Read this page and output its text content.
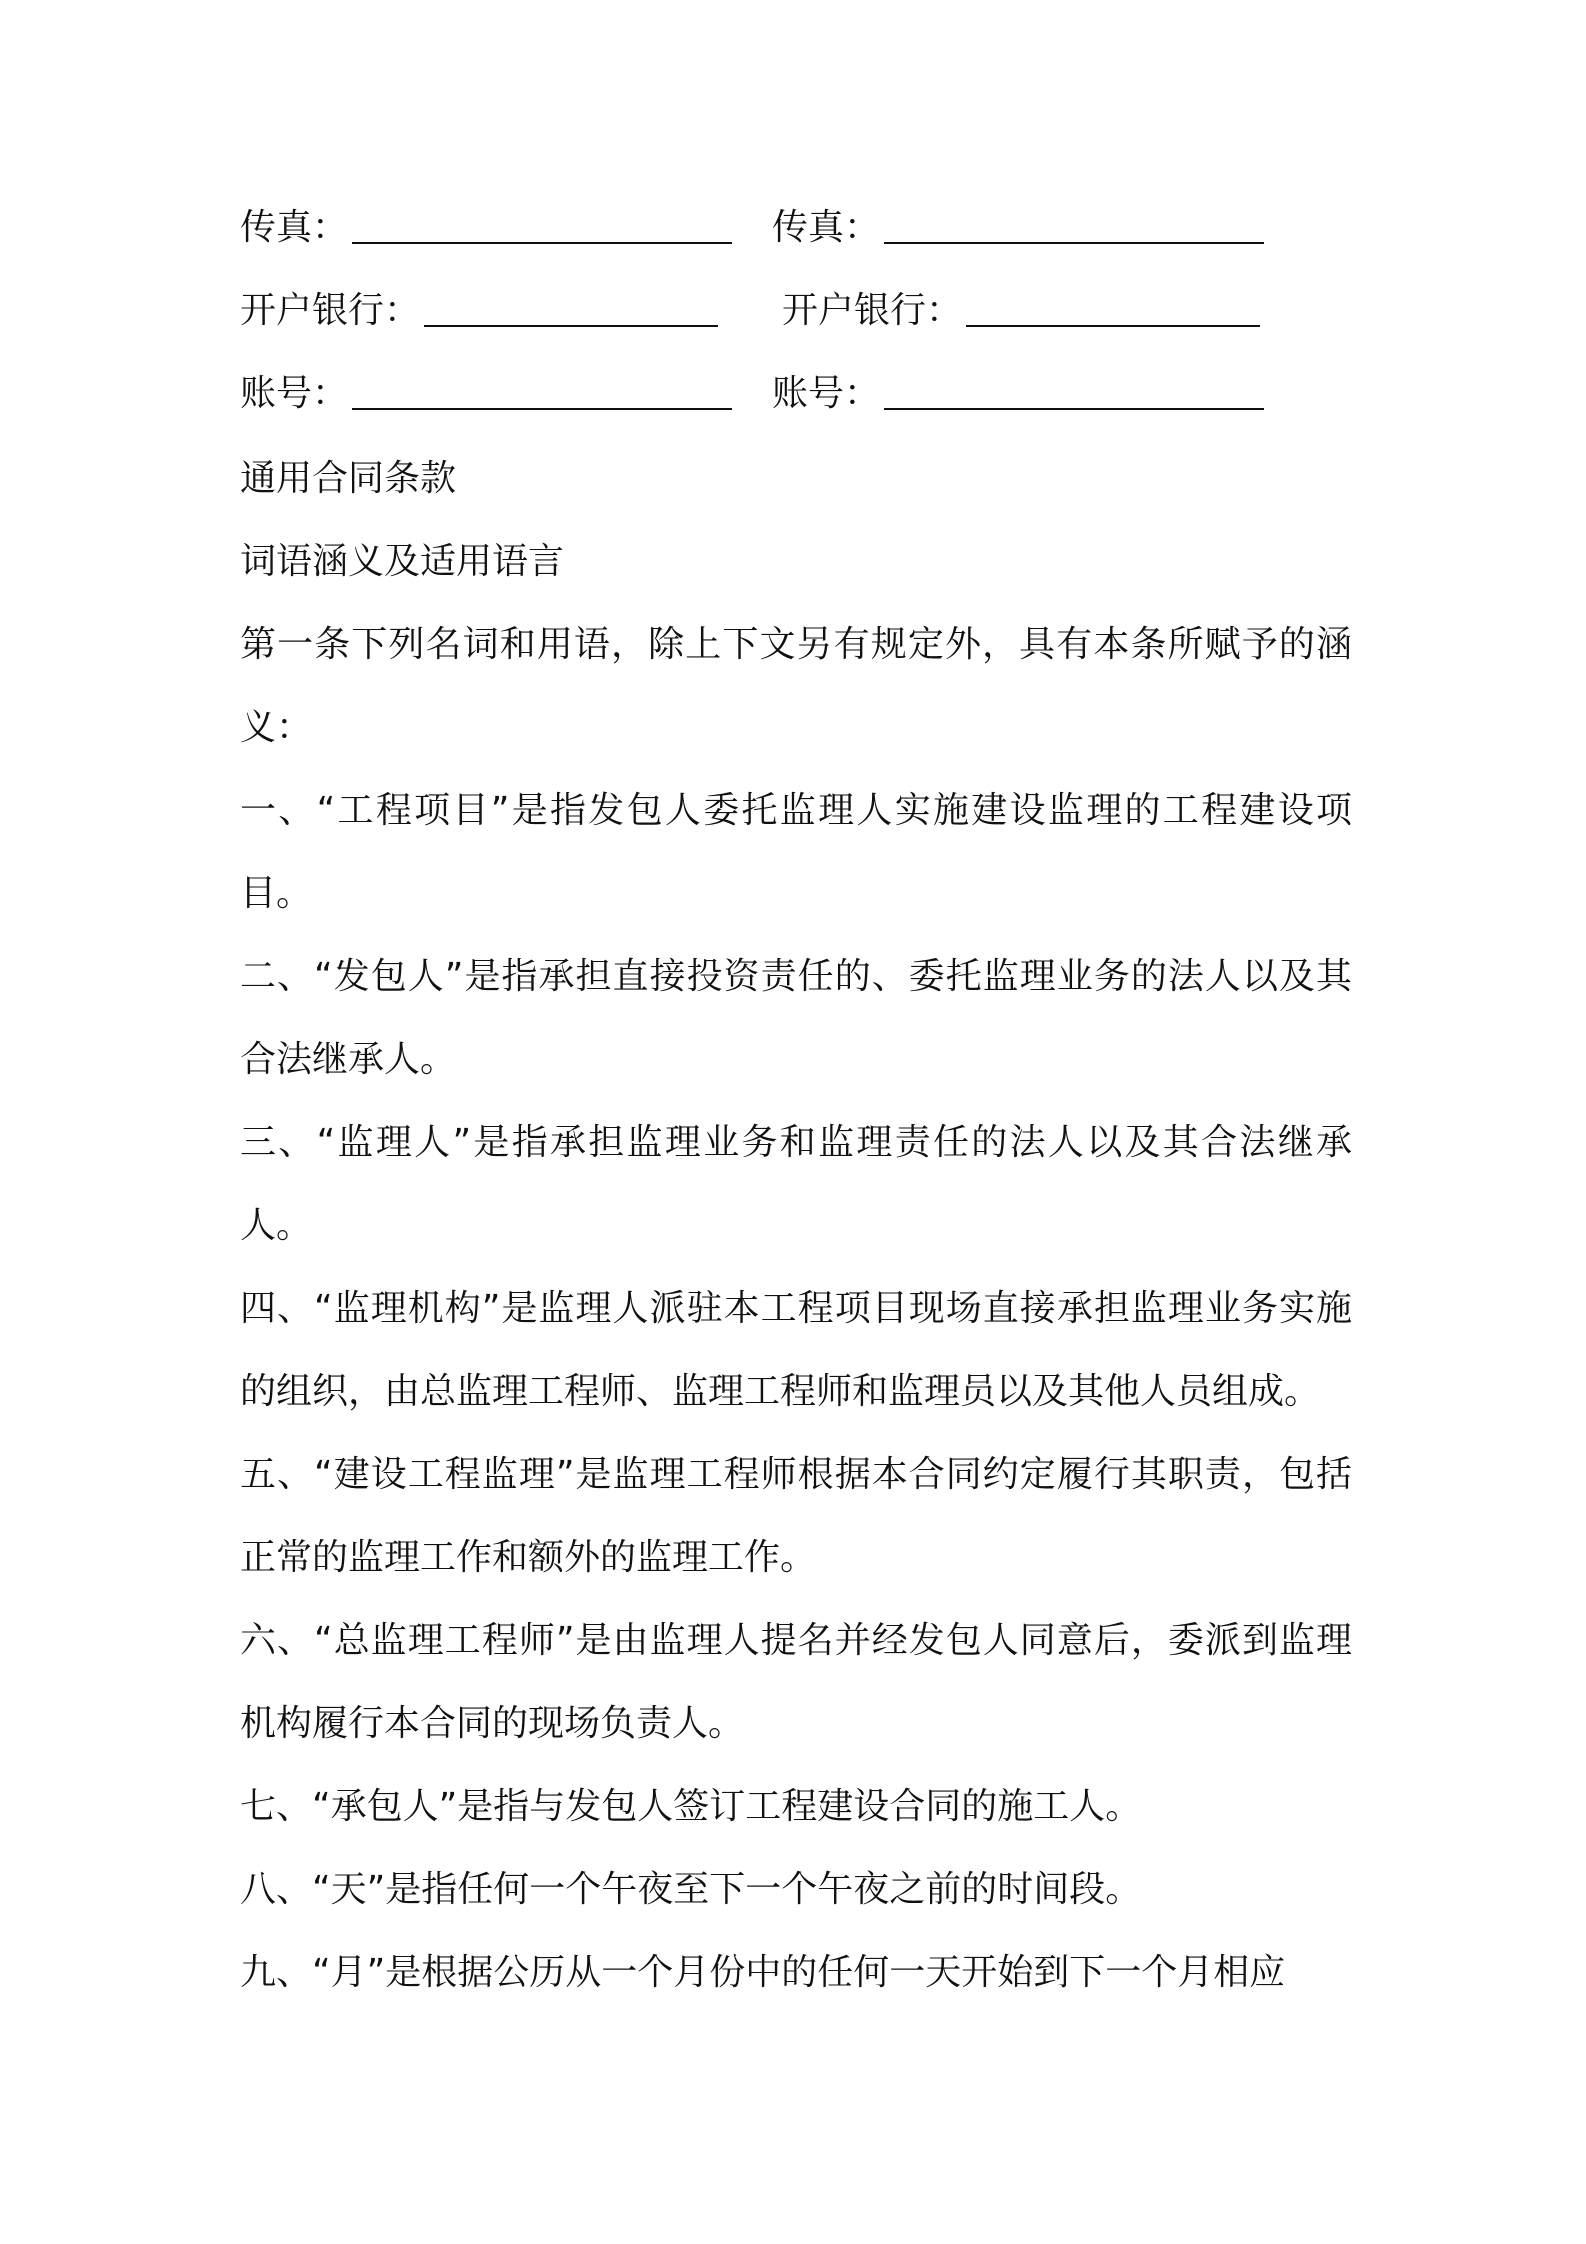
传真：	传真：
开户银行：	开户银行：
账号：	账号：

通用合同条款

词语涵义及适用语言

第一条下列名词和用语，除上下文另有规定外，具有本条所赋予的涵义：

一、“工程项目”是指发包人委托监理人实施建设监理的工程建设项目。

二、“发包人”是指承担直接投资责任的、委托监理业务的法人以及其合法继承人。

三、“监理人”是指承担监理业务和监理责任的法人以及其合法继承人。

四、“监理机构”是监理人派驻本工程项目现场直接承担监理业务实施的组织，由总监理工程师、监理工程师和监理员以及其他人员组成。

五、“建设工程监理”是监理工程师根据本合同约定履行其职责，包括正常的监理工作和额外的监理工作。

六、“总监理工程师”是由监理人提名并经发包人同意后，委派到监理机构履行本合同的现场负责人。

七、“承包人”是指与发包人签订工程建设合同的施工人。

八、“天”是指任何一个午夜至下一个午夜之前的时间段。

九、“月”是根据公历从一个月份中的任何一天开始到下一个月相应
